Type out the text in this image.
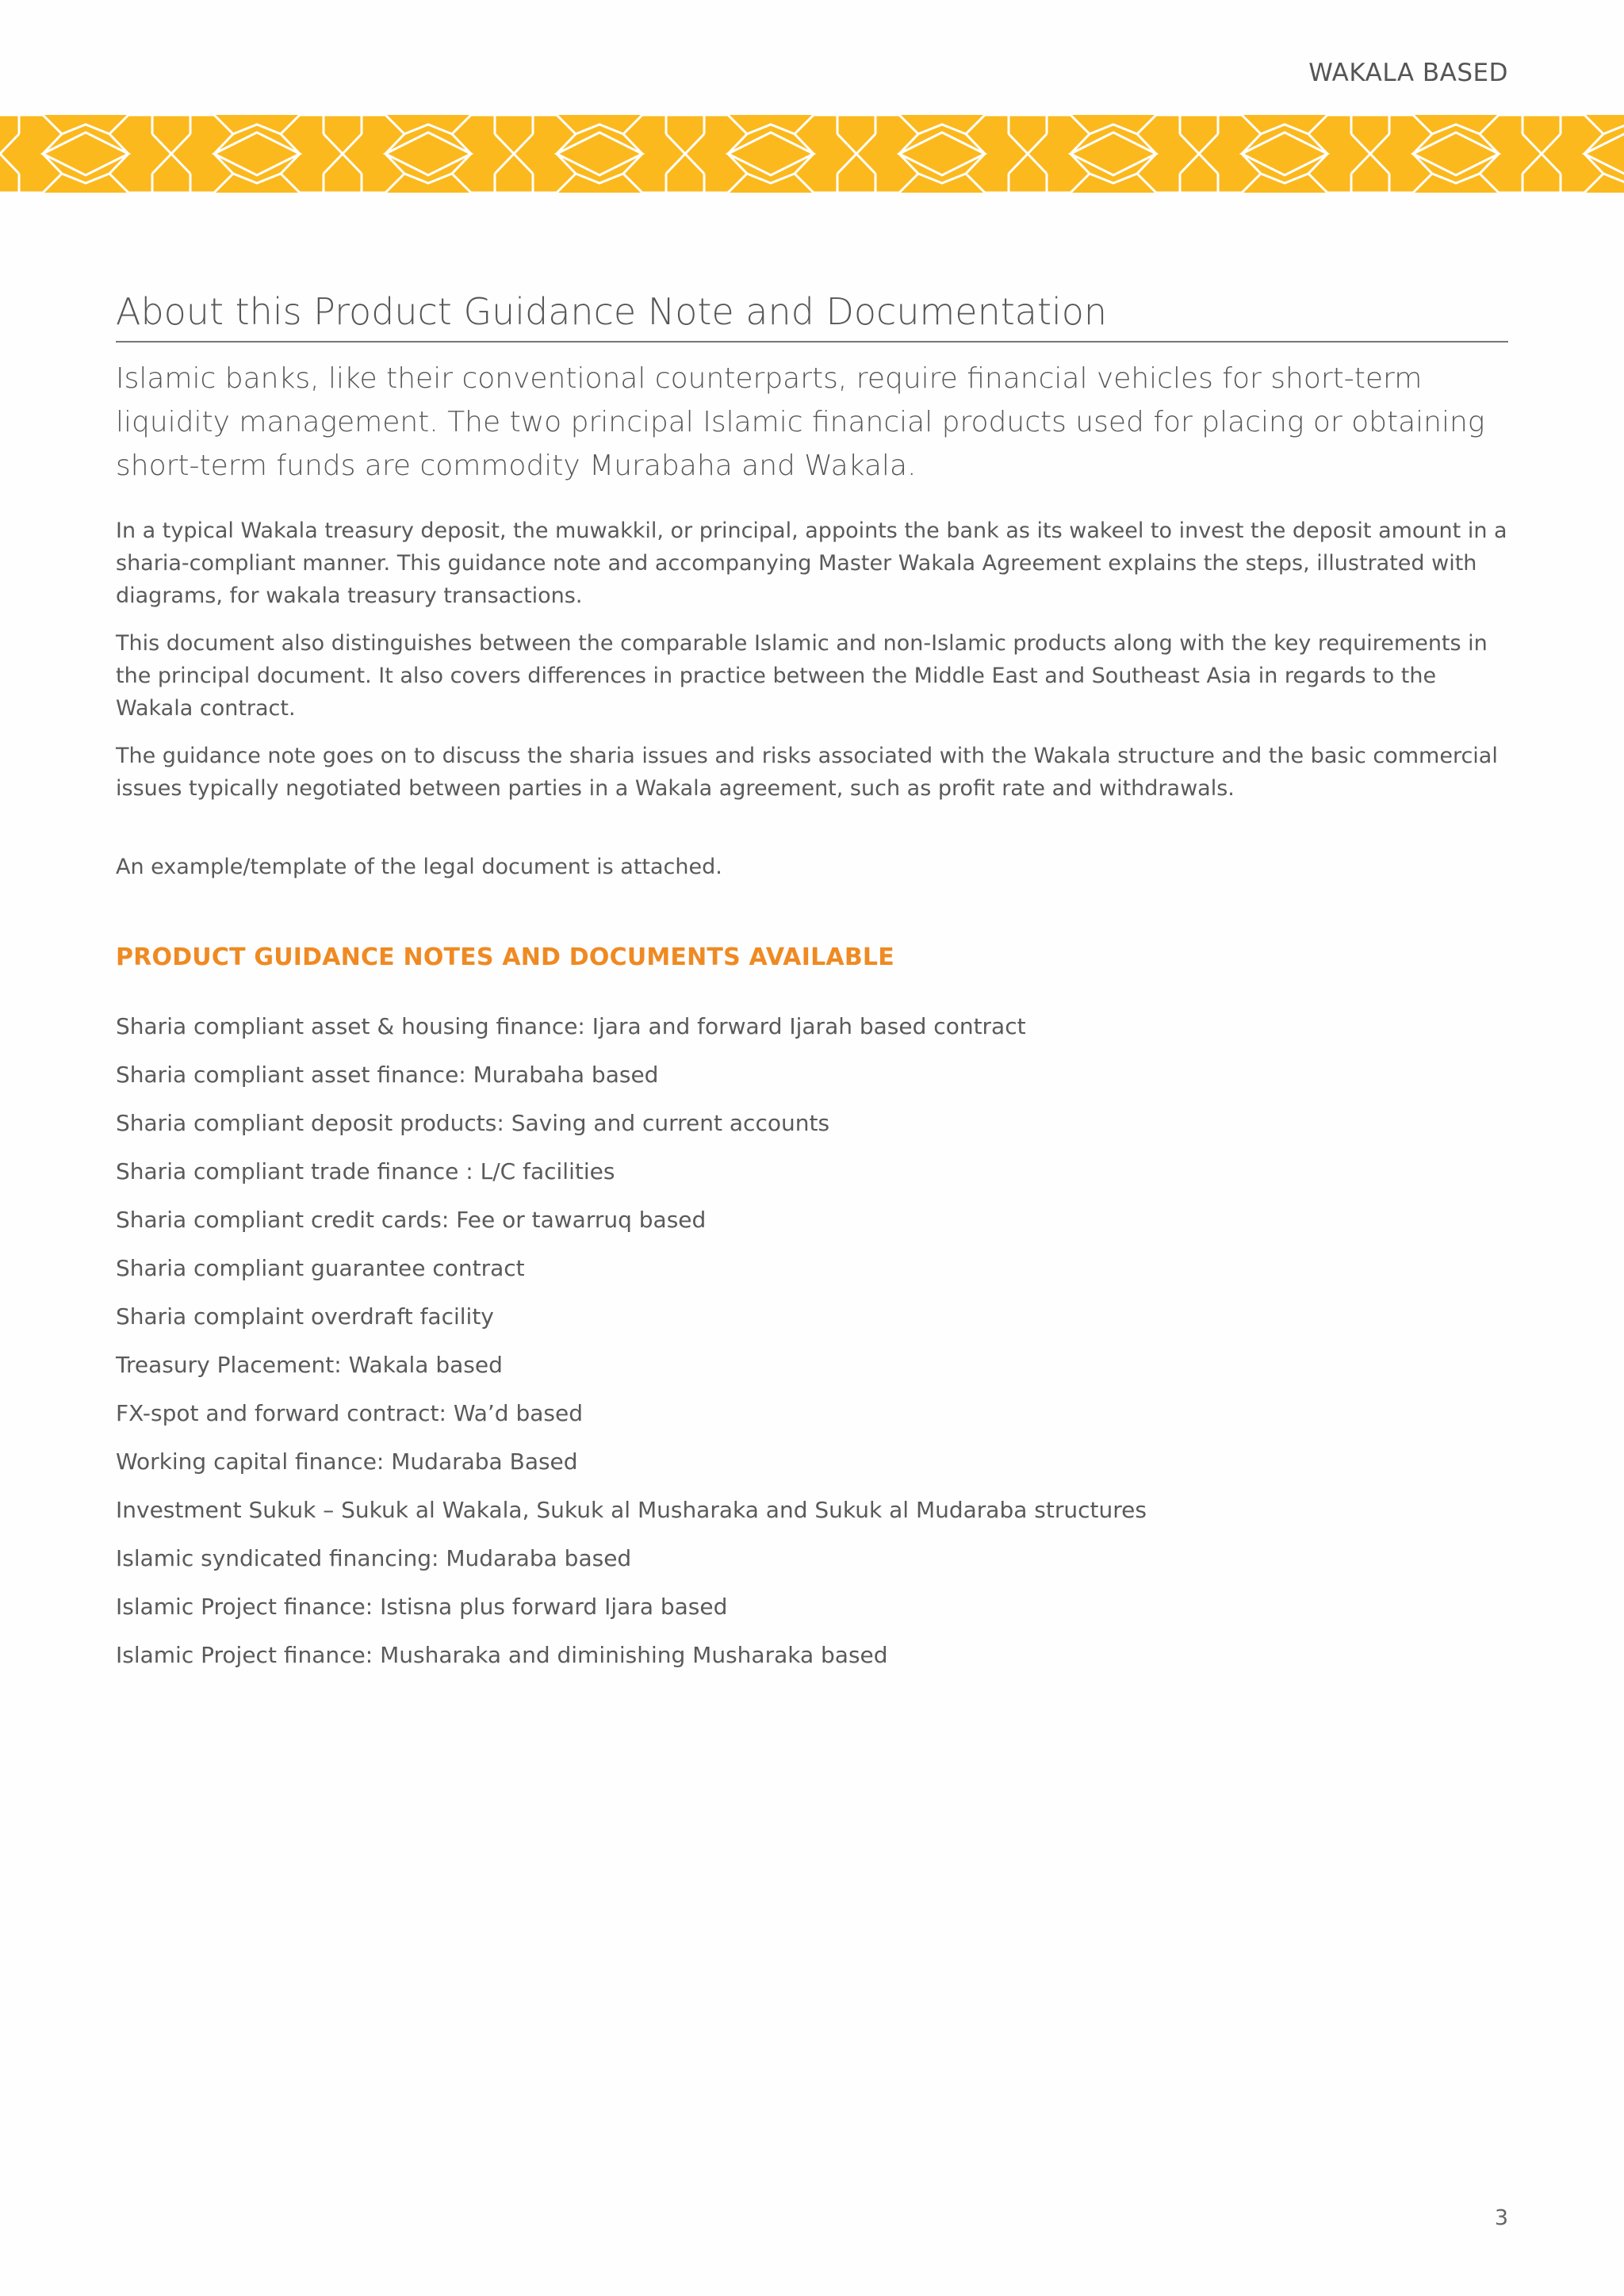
WAKALA BASED
About this Product Guidance Note and Documentation

Islamic banks, like their conventional counterparts, require financial vehicles for short-term liquidity management. The two principal Islamic financial products used for placing or obtaining short-term funds are commodity Murabaha and Wakala.

In a typical Wakala treasury deposit, the muwakkil, or principal, appoints the bank as its wakeel to invest the deposit amount in a sharia-compliant manner. This guidance note and accompanying Master Wakala Agreement explains the steps, illustrated with diagrams, for wakala treasury transactions.

This document also distinguishes between the comparable Islamic and non-Islamic products along with the key requirements in the principal document. It also covers differences in practice between the Middle East and Southeast Asia in regards to the Wakala contract.

The guidance note goes on to discuss the sharia issues and risks associated with the Wakala structure and the basic commercial issues typically negotiated between parties in a Wakala agreement, such as profit rate and withdrawals.

An example/template of the legal document is attached.

PRODUCT GUIDANCE NOTES AND DOCUMENTS AVAILABLE
Sharia compliant asset & housing finance: Ijara and forward Ijarah based contract
Sharia compliant asset finance: Murabaha based
Sharia compliant deposit products: Saving and current accounts
Sharia compliant trade finance : L/C facilities
Sharia compliant credit cards: Fee or tawarruq based
Sharia compliant guarantee contract
Sharia complaint overdraft facility
Treasury Placement: Wakala based
FX-spot and forward contract: Wa’d based
Working capital finance: Mudaraba Based
Investment Sukuk – Sukuk al Wakala, Sukuk al Musharaka and Sukuk al Mudaraba structures
Islamic syndicated financing: Mudaraba based
Islamic Project finance: Istisna plus forward Ijara based
Islamic Project finance: Musharaka and diminishing Musharaka based
3
